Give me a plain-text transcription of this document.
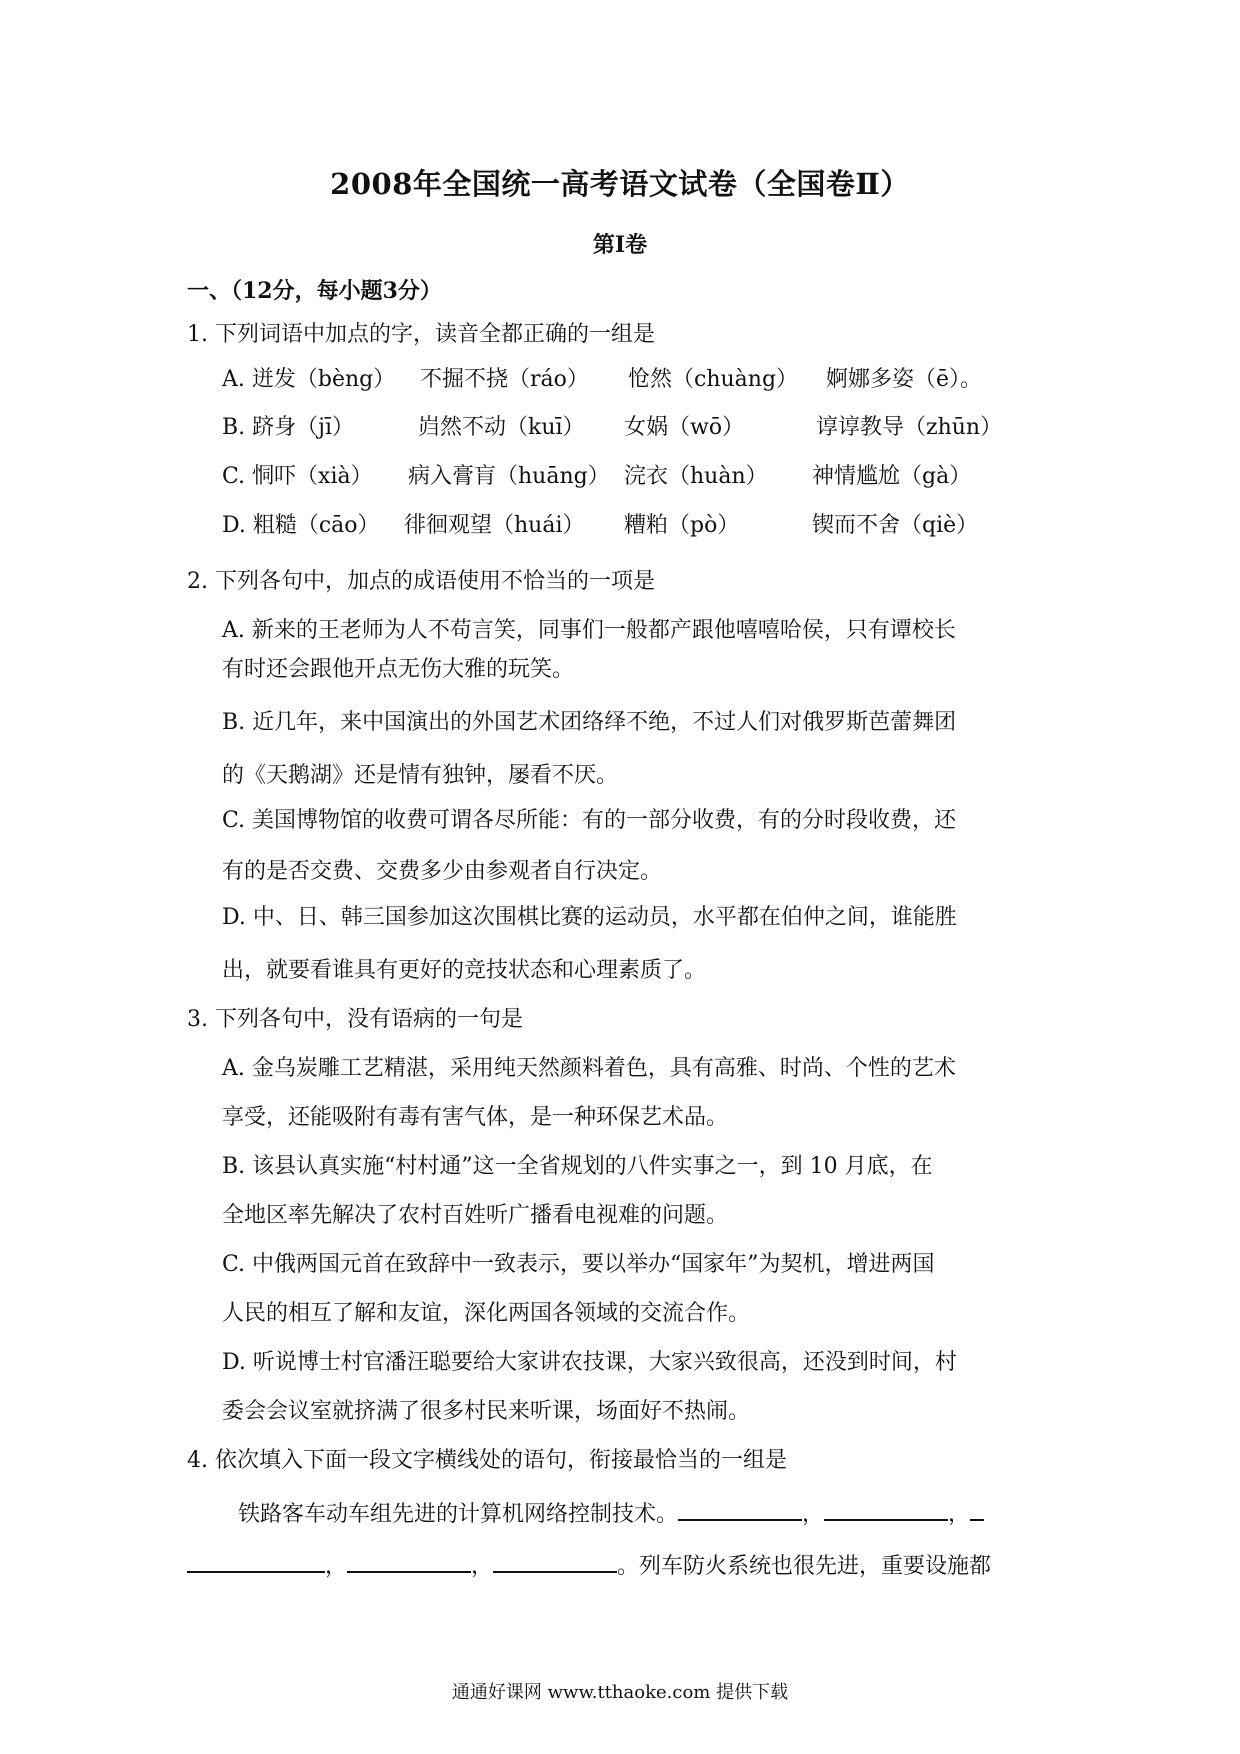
2008年全国统一高考语文试卷（全国卷Ⅱ）
第Ⅰ卷
一、（12分，每小题3分）
1. 下列词语中加点的字，读音全都正确的一组是
A. 迸发（bèng） 不掘不挠（ráo） 怆然（chuàng） 婀娜多姿（ē）。
B. 跻身（jī）	岿然不动（kuī） 女娲（wō）	谆谆教导（zhūn）
C. 恫吓（xià） 病入膏肓（huāng） 浣衣（huàn） 神情尴尬（gà）
D. 粗糙（cāo） 徘徊观望（huái） 糟粕（pò）	锲而不舍（qiè）
2. 下列各句中，加点的成语使用不恰当的一项是
A. 新来的王老师为人不苟言笑，同事们一般都产跟他嘻嘻哈侯，只有谭校长
有时还会跟他开点无伤大雅的玩笑。
B. 近几年，来中国演出的外国艺术团络绎不绝，不过人们对俄罗斯芭蕾舞团
的《天鹅湖》还是情有独钟，屡看不厌。
C. 美国博物馆的收费可谓各尽所能：有的一部分收费，有的分时段收费，还
有的是否交费、交费多少由参观者自行决定。
D. 中、日、韩三国参加这次围棋比赛的运动员，水平都在伯仲之间，谁能胜
出，就要看谁具有更好的竞技状态和心理素质了。
3. 下列各句中，没有语病的一句是
A. 金乌炭雕工艺精湛，采用纯天然颜料着色，具有高雅、时尚、个性的艺术
享受，还能吸附有毒有害气体，是一种环保艺术品。
B. 该县认真实施“村村通”这一全省规划的八件实事之一，到 10 月底，在
全地区率先解决了农村百姓听广播看电视难的问题。
C. 中俄两国元首在致辞中一致表示，要以举办“国家年”为契机，增进两国
人民的相互了解和友谊，深化两国各领域的交流合作。
D. 听说博士村官潘汪聪要给大家讲农技课，大家兴致很高，还没到时间，村
委会会议室就挤满了很多村民来听课，场面好不热闹。
4. 依次填入下面一段文字横线处的语句，衔接最恰当的一组是
铁路客车动车组先进的计算机网络控制技术。	，	，
，	，	。列车防火系统也很先进，重要设施都
通通好课网 www.tthaoke.com 提供下载
